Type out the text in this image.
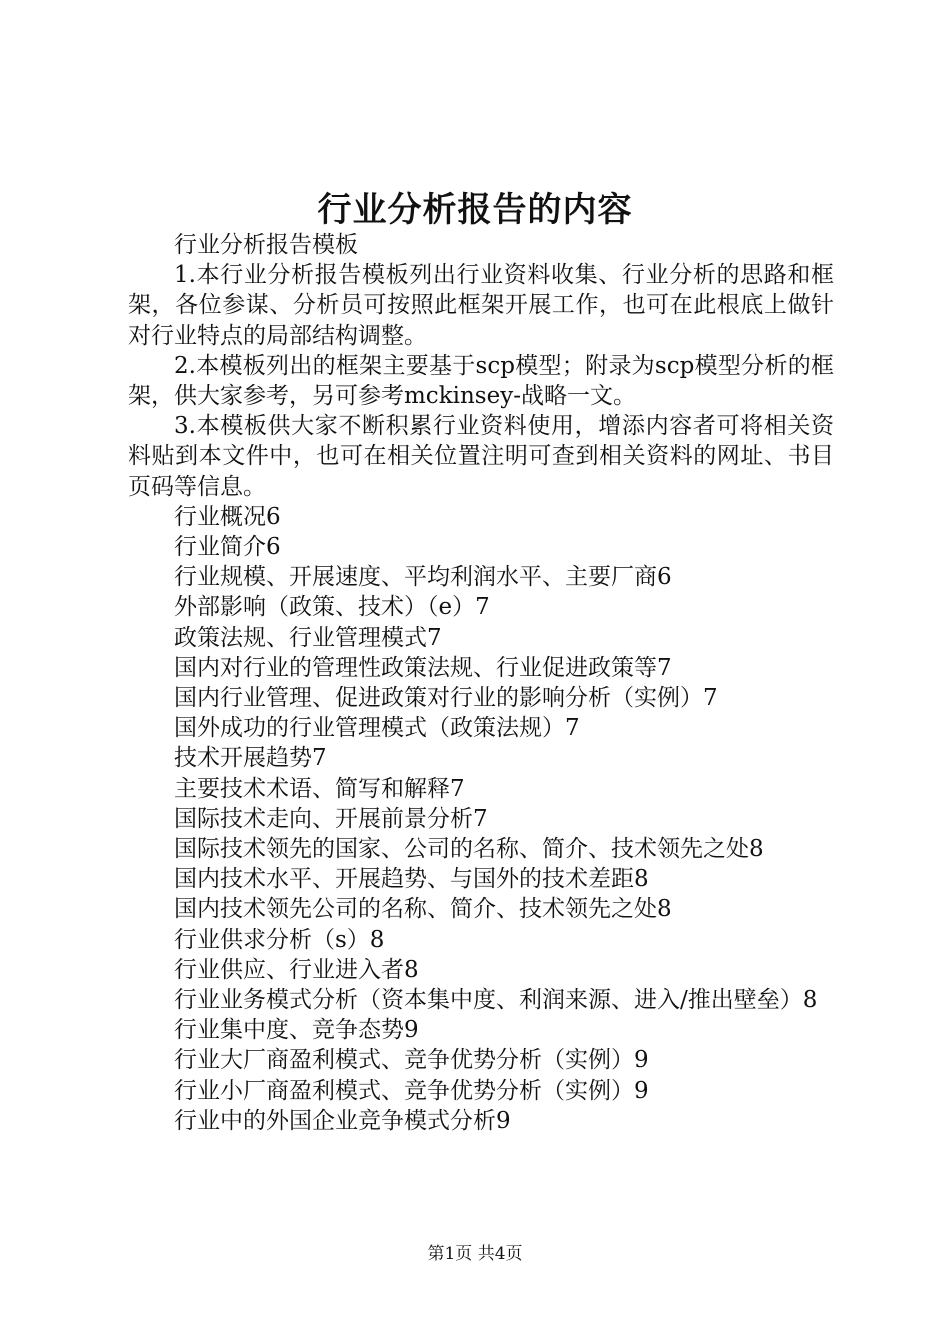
行业分析报告的内容

行业分析报告模板

1.本行业分析报告模板列出行业资料收集、行业分析的思路和框架，各位参谋、分析员可按照此框架开展工作，也可在此根底上做针对行业特点的局部结构调整。

2.本模板列出的框架主要基于scp模型；附录为scp模型分析的框架，供大家参考，另可参考mckinsey-战略一文。

3.本模板供大家不断积累行业资料使用，增添内容者可将相关资料贴到本文件中，也可在相关位置注明可查到相关资料的网址、书目页码等信息。

行业概况6

行业简介6

行业规模、开展速度、平均利润水平、主要厂商6

外部影响（政策、技术）（e）7

政策法规、行业管理模式7

国内对行业的管理性政策法规、行业促进政策等7

国内行业管理、促进政策对行业的影响分析（实例）7

国外成功的行业管理模式（政策法规）7

技术开展趋势7

主要技术术语、简写和解释7

国际技术走向、开展前景分析7

国际技术领先的国家、公司的名称、简介、技术领先之处8

国内技术水平、开展趋势、与国外的技术差距8

国内技术领先公司的名称、简介、技术领先之处8

行业供求分析（s）8

行业供应、行业进入者8

行业业务模式分析（资本集中度、利润来源、进入/推出壁垒）8

行业集中度、竞争态势9

行业大厂商盈利模式、竞争优势分析（实例）9

行业小厂商盈利模式、竞争优势分析（实例）9

行业中的外国企业竞争模式分析9

第1页 共4页
